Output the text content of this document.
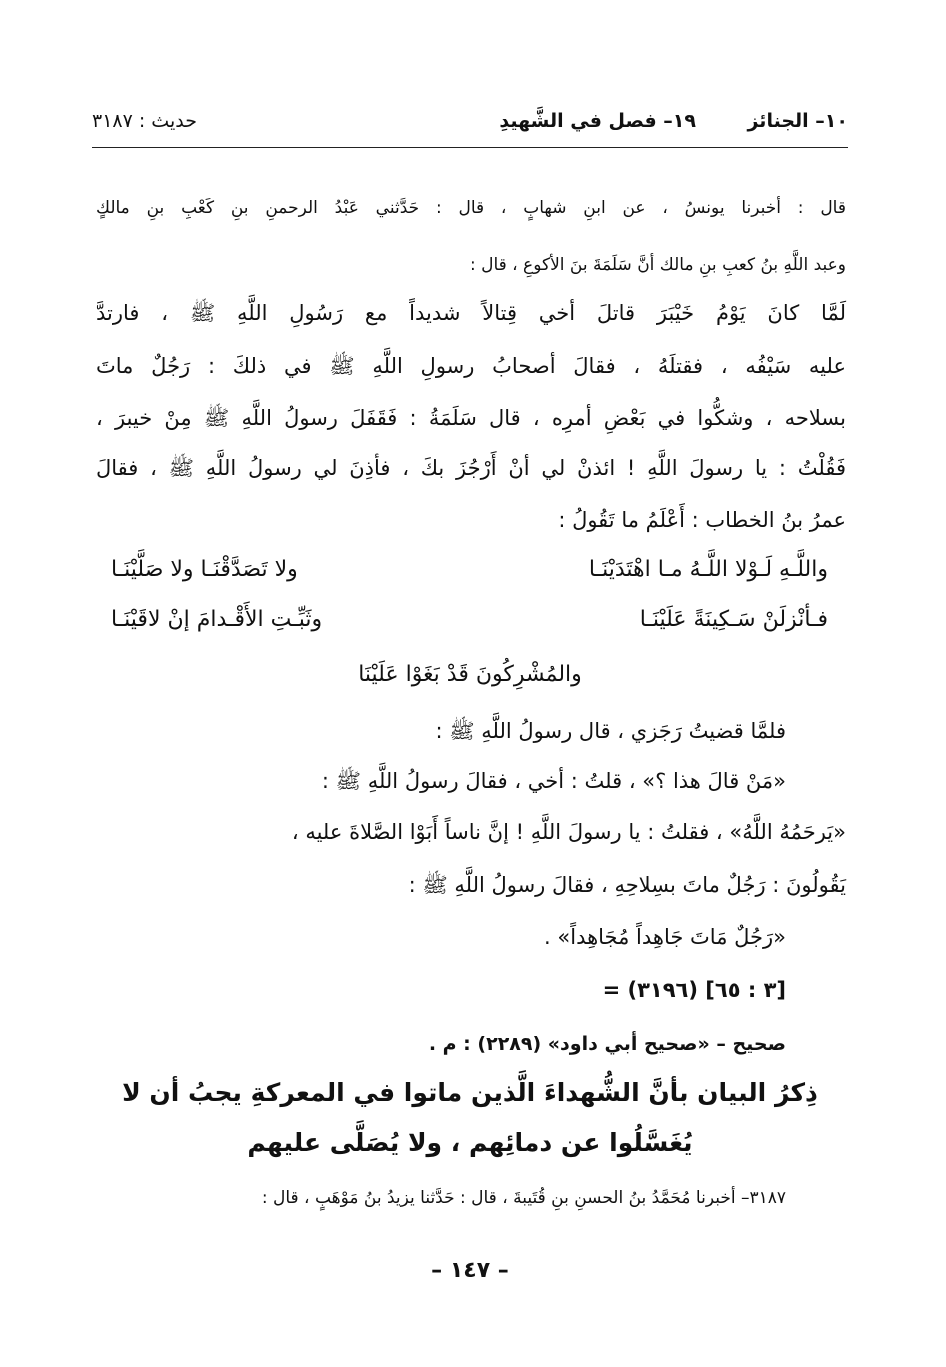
١٠– الجنائز
١٩– فصل في الشَّهيدِ
حديث : ٣١٨٧
قال : أخبرنا يونسُ ، عن ابنِ شهابٍ ، قال : حَدَّثني عَبْدُ الرحمنِ بنِ كَعْبِ بنِ مالكٍ
وعبد اللَّهِ بنُ كعبِ بنِ مالك أنَّ سَلَمَةَ بنَ الأكوعِ ، قال :
لَمَّا كانَ يَوْمُ خَيْبَرَ قاتلَ أخي قِتالاً شديداً مع رَسُولِ اللَّهِ ﷺ ، فارتدَّ
عليه سَيْفُه ، فقتلَهُ ، فقالَ أصحابُ رسولِ اللَّهِ ﷺ في ذلكَ : رَجُلٌ ماتَ
بسلاحه ، وشكُّوا في بَعْضِ أمرِه ، قال سَلَمَةُ : فَقَفَلَ رسولُ اللَّهِ ﷺ مِنْ خيبرَ ،
فَقُلْتُ : يا رسولَ اللَّهِ ! ائذنْ لي أنْ أَرْجُزَ بكَ ، فأذِنَ لي رسولُ اللَّهِ ﷺ ، فقالَ
عمرُ بنُ الخطاب : أَعْلَمُ ما تَقُولُ :
واللَّـهِ لَـوْلا اللَّـهُ مـا اهْتَدَيْنَـا
ولا تَصَدَّقْنَـا ولا صَلَّيْنَـا
فـأنْزلَنْ سَـكِينَةً عَلَيْنَـا
وثَبِّـتِ الأَقْـدامَ إنْ لاقَيْنَـا
والمُشْرِكُونَ قَدْ بَغَوْا عَلَيْنَا
فلمَّا قضيتُ رَجَزي ، قال رسولُ اللَّهِ ﷺ :
«مَنْ قالَ هذا ؟» ، قلتُ : أخي ، فقالَ رسولُ اللَّهِ ﷺ :
«يَرحَمُهُ اللَّهُ» ، فقلتُ : يا رسولَ اللَّهِ ! إنَّ ناساً أَبَوْا الصَّلاةَ عليه ،
يَقُولُونَ : رَجُلٌ ماتَ بسِلاحِهِ ، فقالَ رسولُ اللَّهِ ﷺ :
«رَجُلٌ مَاتَ جَاهِداً مُجَاهِداً» .
= (٣١٩٦) [٣ : ٦٥]
صحيح – «صحيح أبي داود» (٢٢٨٩) : م .
ذِكرُ البيان بأنَّ الشُّهداءَ الَّذين ماتوا في المعركةِ يجبُ أن لا
يُغَسَّلُوا عن دمائِهم ، ولا يُصَلَّى عليهم
٣١٨٧– أخبرنا مُحَمَّدُ بنُ الحسنِ بنِ قُتَيبةَ ، قال : حَدَّثنا يزيدُ بنُ مَوْهَبٍ ، قال :
– ١٤٧ –
